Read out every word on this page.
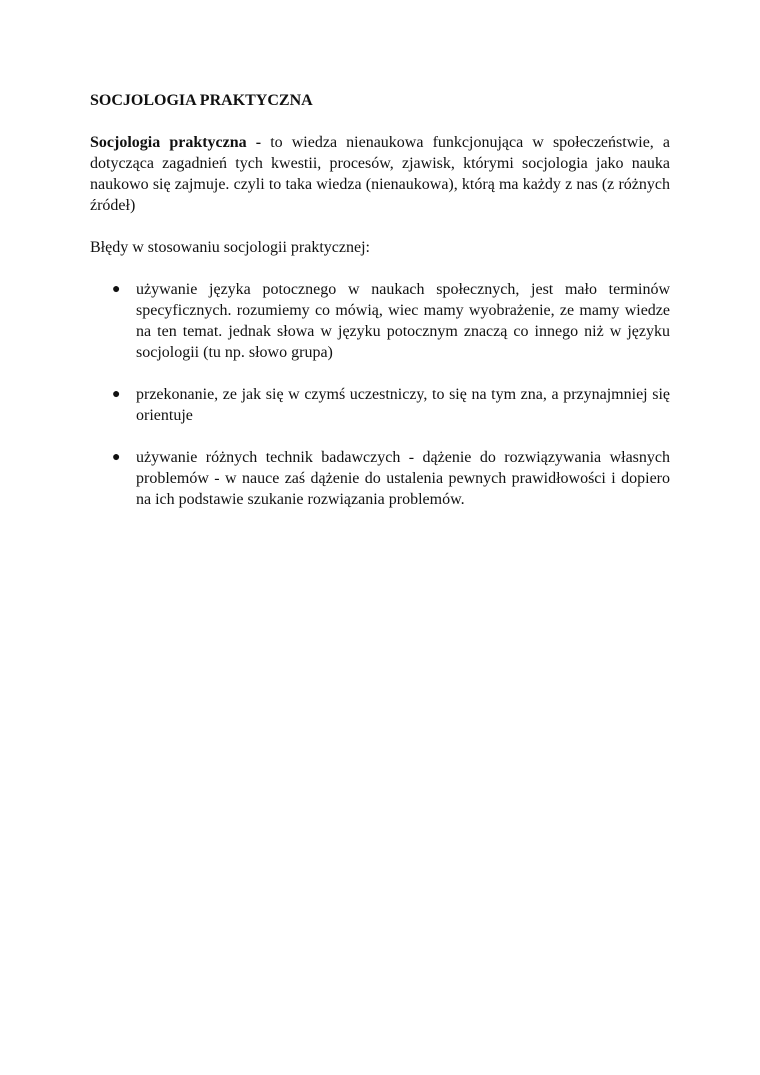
SOCJOLOGIA PRAKTYCZNA

Socjologia praktyczna - to wiedza nienaukowa funkcjonująca w społeczeństwie, a dotycząca zagadnień tych kwestii, procesów, zjawisk, którymi socjologia jako nauka naukowo się zajmuje. czyli to taka wiedza (nienaukowa), którą ma każdy z nas (z różnych źródeł)

Błędy w stosowaniu socjologii praktycznej:

● używanie języka potocznego w naukach społecznych, jest mało terminów specyficznych. rozumiemy co mówią, wiec mamy wyobrażenie, ze mamy wiedze na ten temat. jednak słowa w języku potocznym znaczą co innego niż w języku socjologii (tu np. słowo grupa)
● przekonanie, ze jak się w czymś uczestniczy, to się na tym zna, a przynajmniej się orientuje
● używanie różnych technik badawczych - dążenie do rozwiązywania własnych problemów - w nauce zaś dążenie do ustalenia pewnych prawidłowości i dopiero na ich podstawie szukanie rozwiązania problemów.
